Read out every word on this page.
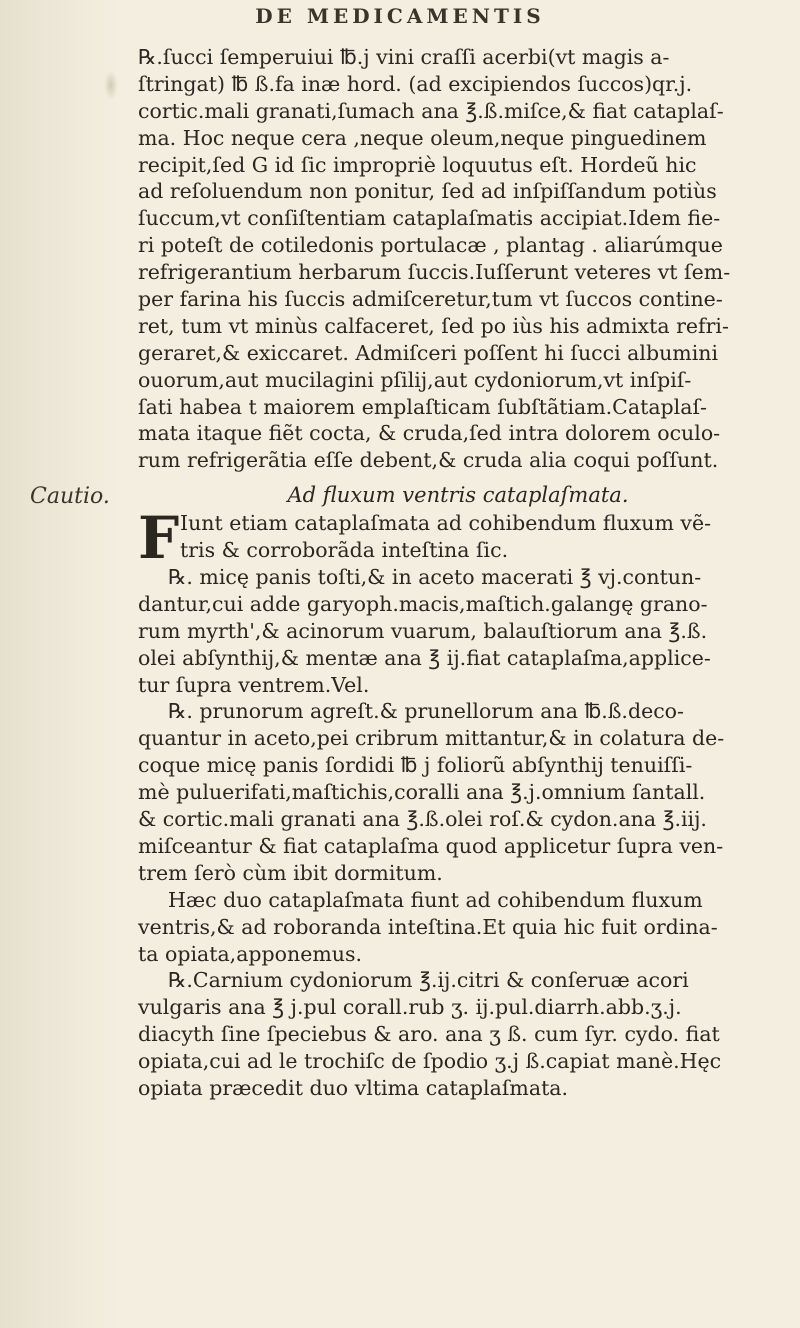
DE MEDICAMENTIS
Cautio.
℞.ſucci ſemperuiui ℔.j vini craſſi acerbi(vt magis a-
ſtringat) ℔ ß.fa inæ hord. (ad excipiendos ſuccos)qr.j.
cortic.mali granati,ſumach ana ℥.ß.miſce,& fiat cataplaſ-
ma. Hoc neque cera ,neque oleum,neque pinguedinem
recipit,ſed G id ſic impropriè loquutus eſt. Hordeũ hic
ad reſoluendum non ponitur, ſed ad inſpiſſandum potiùs
ſuccum,vt conſiſtentiam cataplaſmatis accipiat.Idem fie-
ri poteſt de cotiledonis portulacæ , plantag . aliarúmque
refrigerantium herbarum ſuccis.Iuſſerunt veteres vt ſem-
per farina his ſuccis admiſceretur,tum vt ſuccos contine-
ret, tum vt minùs calfaceret, ſed po iùs his admixta refri-
geraret,& exiccaret. Admiſceri poſſent hi ſucci albumini
ouorum,aut mucilagini pſilij,aut cydoniorum,vt inſpiſ-
ſati habea t maiorem emplaſticam ſubſtãtiam.Cataplaſ-
mata itaque fiẽt cocta, & cruda,ſed intra dolorem oculo-
rum refrigerãtia eſſe debent,& cruda alia coqui poſſunt.
Ad fluxum ventris cataplaſmata.
F Iunt etiam cataplaſmata ad cohibendum fluxum vẽ-
tris & corroborãda inteſtina ſic.
℞. micę panis toſti,& in aceto macerati ℥ vj.contun-
dantur,cui adde garyoph.macis,maſtich.galangę grano-
rum myrth',& acinorum vuarum, balauſtiorum ana ℥.ß.
olei abſynthij,& mentæ ana ℥ ij.fiat cataplaſma,applice-
tur ſupra ventrem.Vel.
℞. prunorum agreſt.& prunellorum ana ℔.ß.deco-
quantur in aceto,pei cribrum mittantur,& in colatura de-
coque micę panis ſordidi ℔ j foliorũ abſynthij tenuiſſi-
mè puluerifati,maſtichis,coralli ana ℥.j.omnium ſantall.
& cortic.mali granati ana ℥.ß.olei roſ.& cydon.ana ℥.iij.
miſceantur & fiat cataplaſma quod applicetur ſupra ven-
trem ſerò cùm ibit dormitum.
Hæc duo cataplaſmata fiunt ad cohibendum fluxum
ventris,& ad roboranda inteſtina.Et quia hic fuit ordina-
ta opiata,apponemus.
℞.Carnium cydoniorum ℥.ij.citri & conſeruæ acori
vulgaris ana ℥ j.pul corall.rub ʒ. ij.pul.diarrh.abb.ʒ.j.
diacyth ſine ſpeciebus & aro. ana ʒ ß. cum ſyr. cydo. fiat
opiata,cui ad le trochiſc de ſpodio ʒ.j ß.capiat manè.Hęc
opiata præcedit duo vltima cataplaſmata.
